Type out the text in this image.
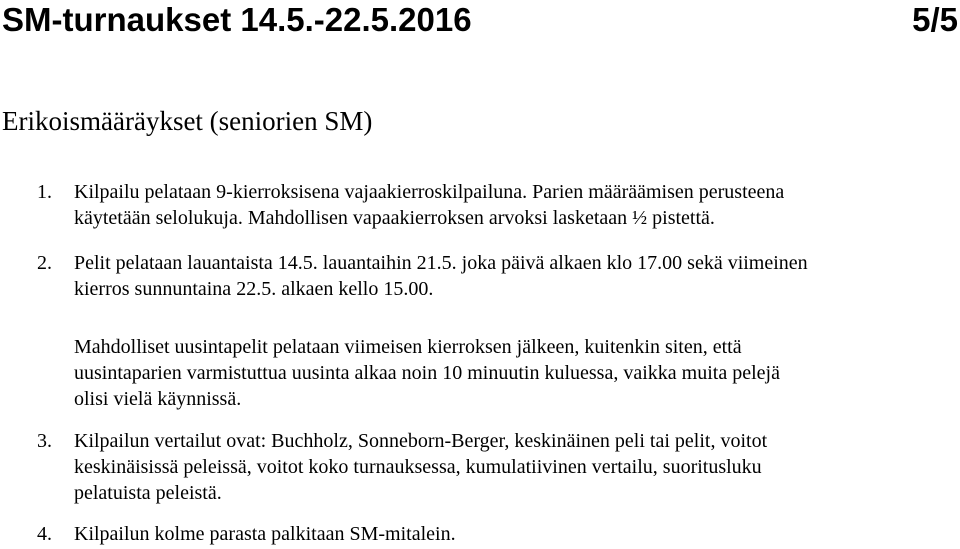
SM-turnaukset 14.5.-22.5.2016	5/5
Erikoismääräykset (seniorien SM)
1. Kilpailu pelataan 9-kierroksisena vajaakierroskilpailuna. Parien määräämisen perusteena
käytetään selolukuja. Mahdollisen vapaakierroksen arvoksi lasketaan ½ pistettä.
2. Pelit pelataan lauantaista 14.5. lauantaihin 21.5. joka päivä alkaen klo 17.00 sekä viimeinen
kierros sunnuntaina 22.5. alkaen kello 15.00.
Mahdolliset uusintapelit pelataan viimeisen kierroksen jälkeen, kuitenkin siten, että
uusintaparien varmistuttua uusinta alkaa noin 10 minuutin kuluessa, vaikka muita pelejä
olisi vielä käynnissä.
3. Kilpailun vertailut ovat: Buchholz, Sonneborn-Berger, keskinäinen peli tai pelit, voitot
keskinäisissä peleissä, voitot koko turnauksessa, kumulatiivinen vertailu, suoritusluku
pelatuista peleistä.
4. Kilpailun kolme parasta palkitaan SM-mitalein.
